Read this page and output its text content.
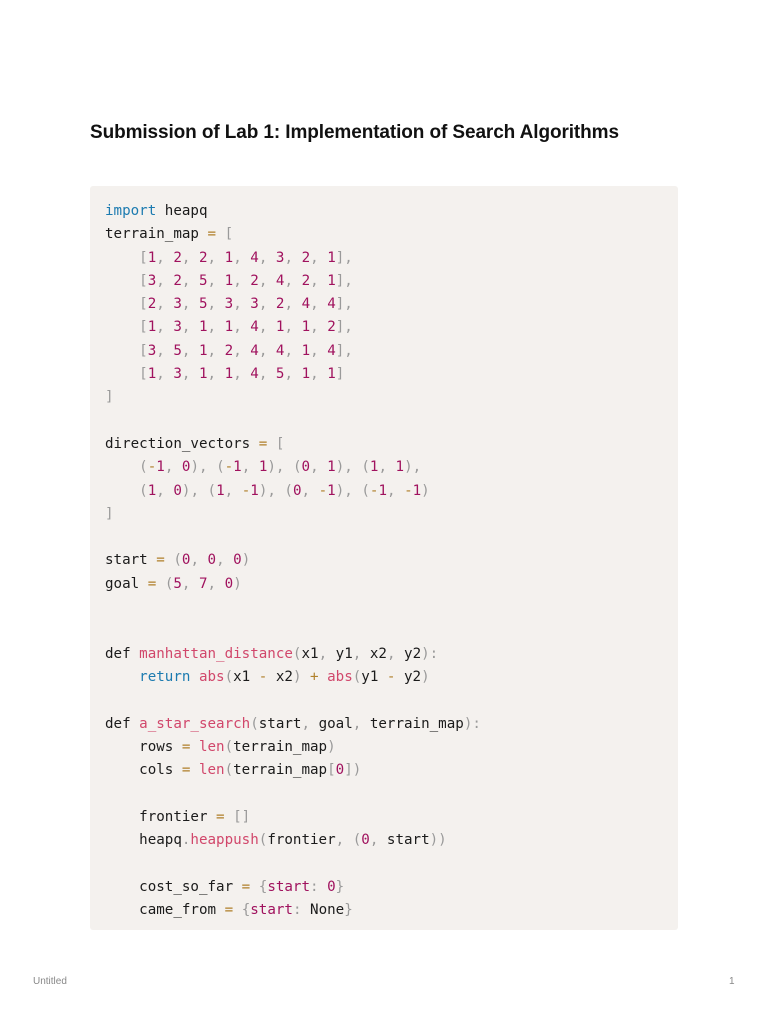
Submission of Lab 1: Implementation of Search Algorithms
import heapq
terrain_map = [
[1, 2, 2, 1, 4, 3, 2, 1],
[3, 2, 5, 1, 2, 4, 2, 1],
[2, 3, 5, 3, 3, 2, 4, 4],
[1, 3, 1, 1, 4, 1, 1, 2],
[3, 5, 1, 2, 4, 4, 1, 4],
[1, 3, 1, 1, 4, 5, 1, 1]
]
direction_vectors = [
(-1, 0), (-1, 1), (0, 1), (1, 1),
(1, 0), (1, -1), (0, -1), (-1, -1)
]
start = (0, 0, 0)
goal = (5, 7, 0)
def manhattan_distance(x1, y1, x2, y2):
return abs(x1 - x2) + abs(y1 - y2)
def a_star_search(start, goal, terrain_map):
rows = len(terrain_map)
cols = len(terrain_map[0])
frontier = []
heapq.heappush(frontier, (0, start))
cost_so_far = {start: 0}
came_from = {start: None}
Untitled	1
